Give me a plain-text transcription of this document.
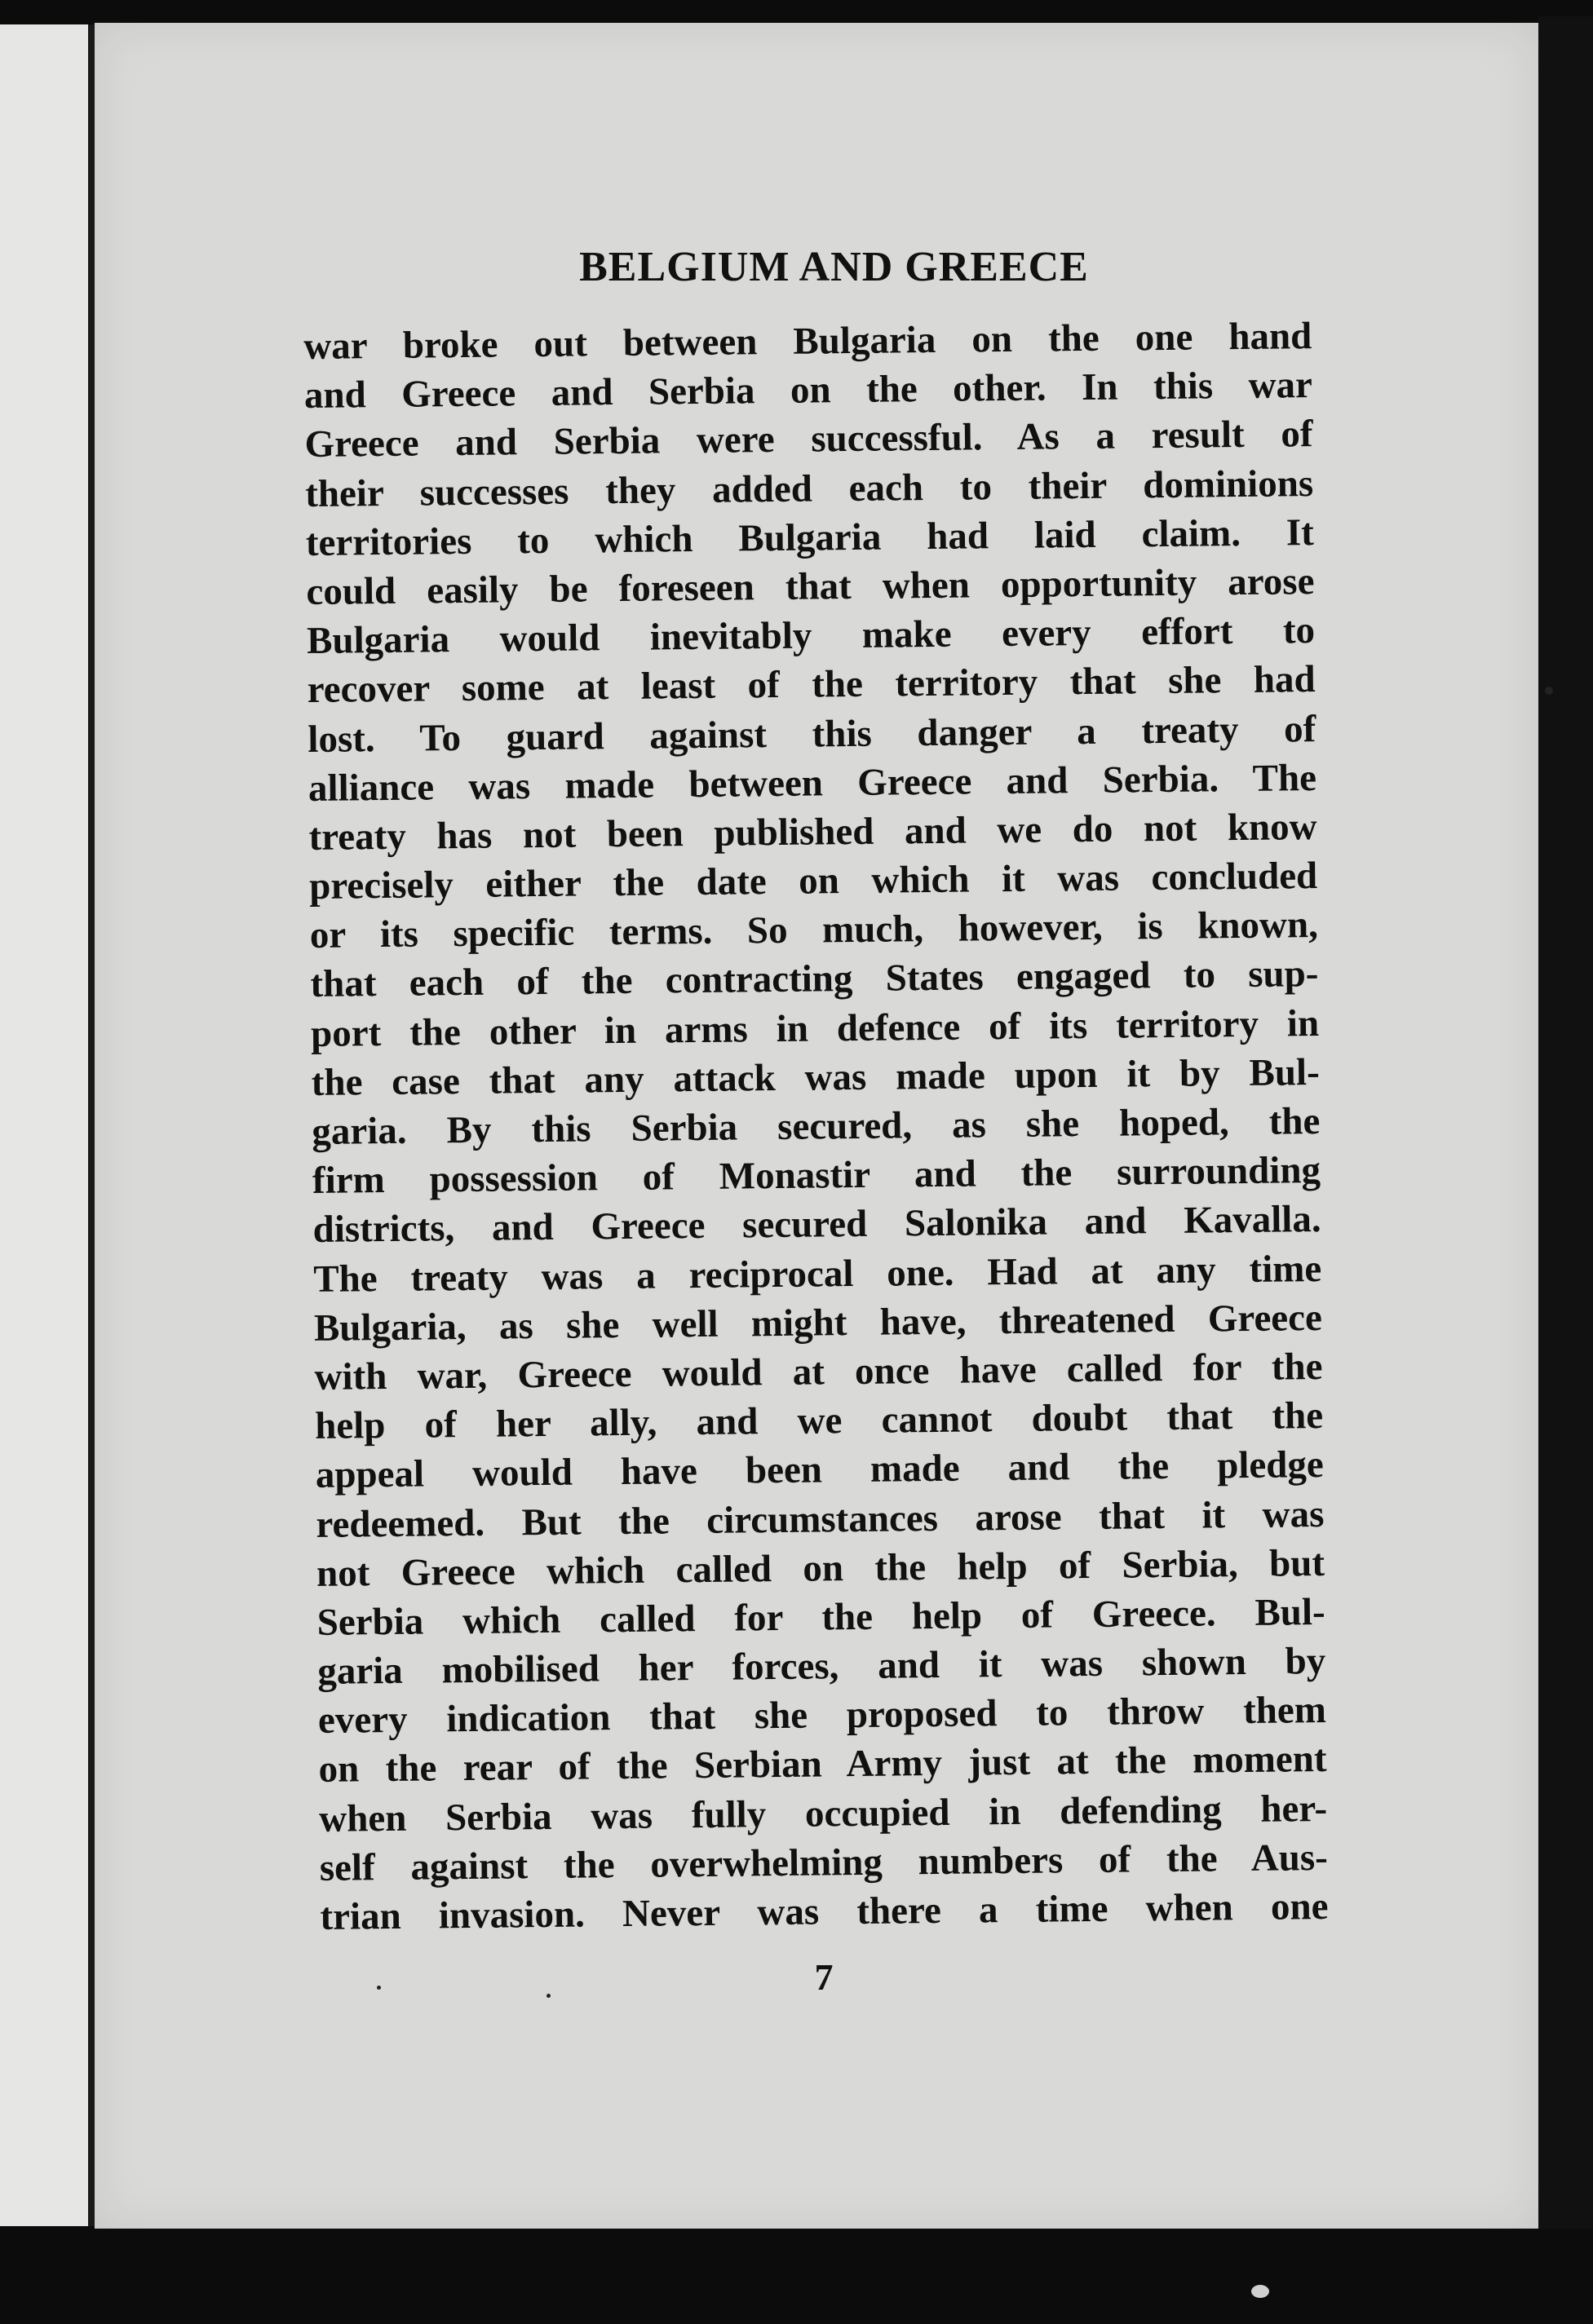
BELGIUM AND GREECE
war broke out between Bulgaria on the one hand
and Greece and Serbia on the other. In this war
Greece and Serbia were successful. As a result of
their successes they added each to their dominions
territories to which Bulgaria had laid claim. It
could easily be foreseen that when opportunity arose
Bulgaria would inevitably make every effort to
recover some at least of the territory that she had
lost. To guard against this danger a treaty of
alliance was made between Greece and Serbia. The
treaty has not been published and we do not know
precisely either the date on which it was concluded
or its specific terms. So much, however, is known,
that each of the contracting States engaged to sup-
port the other in arms in defence of its territory in
the case that any attack was made upon it by Bul-
garia. By this Serbia secured, as she hoped, the
firm possession of Monastir and the surrounding
districts, and Greece secured Salonika and Kavalla.
The treaty was a reciprocal one. Had at any time
Bulgaria, as she well might have, threatened Greece
with war, Greece would at once have called for the
help of her ally, and we cannot doubt that the
appeal would have been made and the pledge
redeemed. But the circumstances arose that it was
not Greece which called on the help of Serbia, but
Serbia which called for the help of Greece. Bul-
garia mobilised her forces, and it was shown by
every indication that she proposed to throw them
on the rear of the Serbian Army just at the moment
when Serbia was fully occupied in defending her-
self against the overwhelming numbers of the Aus-
trian invasion. Never was there a time when one
7
